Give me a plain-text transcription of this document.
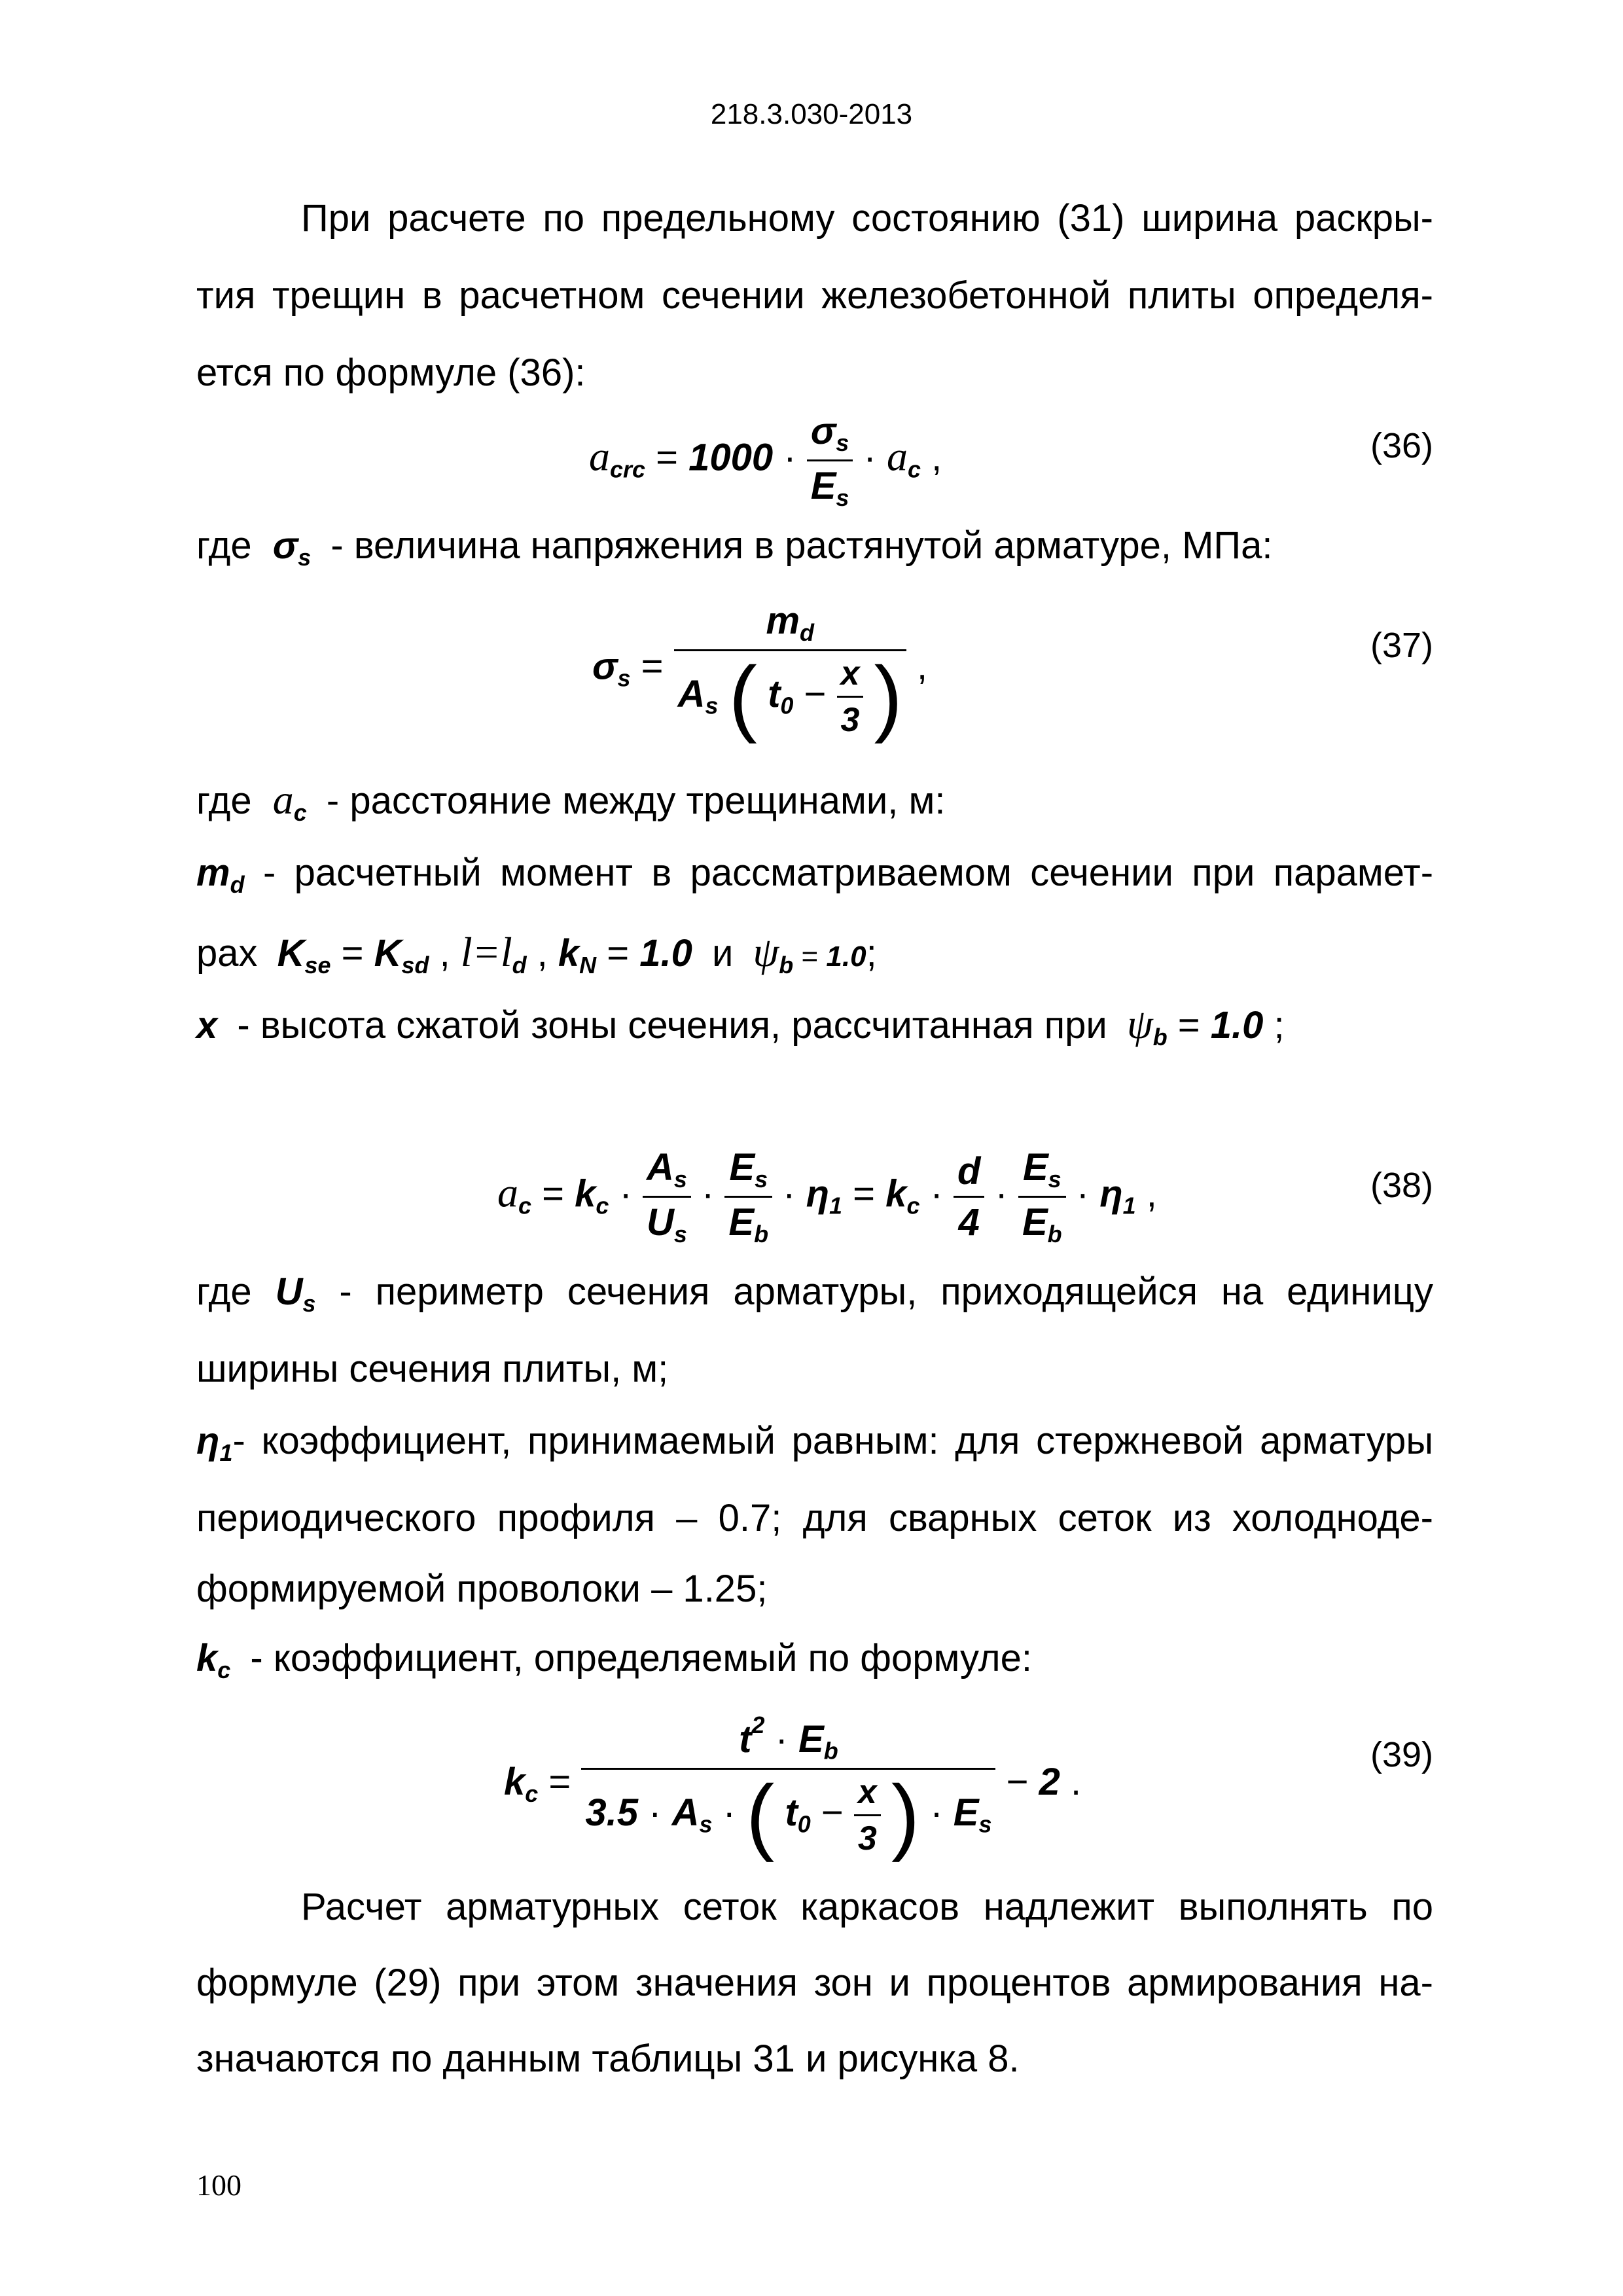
218.3.030-2013
При расчете по предельному состоянию (31) ширина раскры-
тия трещин в расчетном сечении железобетонной плиты определя-
ется по формуле (36):
$a_{crc} = 1000 \cdot \frac{\sigma_s}{E_s} \cdot a_c$ ,	(36)
где $\sigma_s$ - величина напряжения в растянутой арматуре, МПа:
$\sigma_s$ =
$m_d$
$A_s$ ( $t_0 - \frac{x}{3}$ ) ,	(37)
где $a_c$ - расстояние между трещинами, м:
$m_d$ - расчетный момент в рассматриваемом сечении при парамет-
рах $K_{se} = K_{sd}$ , $l=l_d$ , $k_N = 1.0$ и $\psi_b = 1.0$;
x - высота сжатой зоны сечения, рассчитанная при $\psi_b = 1.0$ ;
$a_c = k_c \cdot \frac{A_s}{U_s} \cdot \frac{E_s}{E_b} \cdot \eta_1 = k_c \cdot \frac{d}{4} \cdot \frac{E_s}{E_b} \cdot \eta_1$ ,	(38)
где $U_s$ - периметр сечения арматуры, приходящейся на единицу
ширины сечения плиты, м;
$\eta_1-$ коэффициент, принимаемый равным: для стержневой арматуры
периодического профиля – 0.7; для сварных сеток из холодноде-
формируемой проволоки – 1.25;
$k_c$ - коэффициент, определяемый по формуле:
$k_c$ =
$t^2 \cdot E_b$
$3.5 \cdot A_s$ · ( $t_0 - \frac{x}{3}$ ) · $E_s$
− 2 .
(39)
Расчет арматурных сеток каркасов надлежит выполнять по
формуле (29) при этом значения зон и процентов армирования на-
значаются по данным таблицы 31 и рисунка 8.
100
